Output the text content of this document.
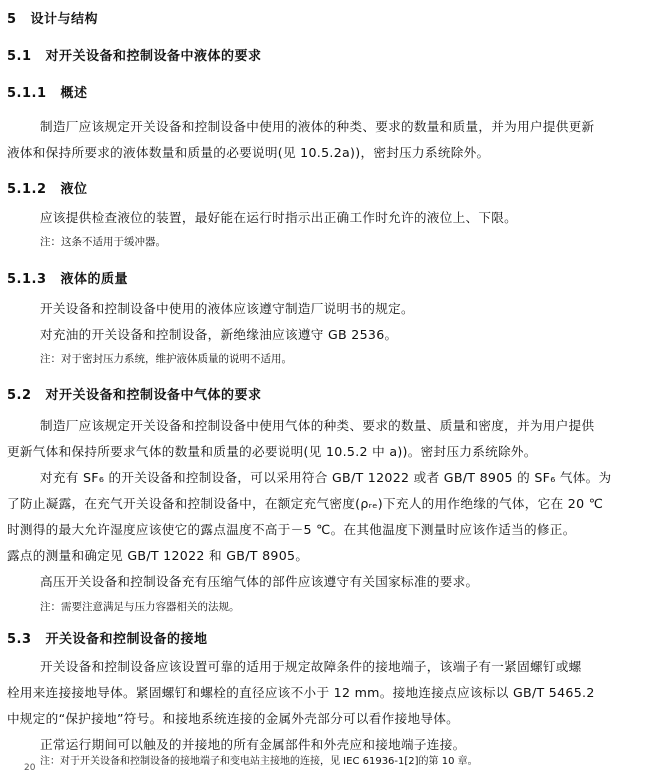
5 设计与结构
5.1 对开关设备和控制设备中液体的要求
5.1.1 概述
制造厂应该规定开关设备和控制设备中使用的液体的种类、要求的数量和质量，并为用户提供更新
液体和保持所要求的液体数量和质量的必要说明(见 10.5.2a))，密封压力系统除外。
5.1.2 液位
应该提供检查液位的装置，最好能在运行时指示出正确工作时允许的液位上、下限。
注：这条不适用于缓冲器。
5.1.3 液体的质量
开关设备和控制设备中使用的液体应该遵守制造厂说明书的规定。
对充油的开关设备和控制设备，新绝缘油应该遵守 GB 2536。
注：对于密封压力系统，维护液体质量的说明不适用。
5.2 对开关设备和控制设备中气体的要求
制造厂应该规定开关设备和控制设备中使用气体的种类、要求的数量、质量和密度，并为用户提供
更新气体和保持所要求气体的数量和质量的必要说明(见 10.5.2 中 a))。密封压力系统除外。
对充有 SF₆ 的开关设备和控制设备，可以采用符合 GB/T 12022 或者 GB/T 8905 的 SF₆ 气体。为
了防止凝露，在充气开关设备和控制设备中，在额定充气密度(ρᵣₑ)下充人的用作绝缘的气体，它在 20 ℃
时测得的最大允许湿度应该使它的露点温度不高于－5 ℃。在其他温度下测量时应该作适当的修正。
露点的测量和确定见 GB/T 12022 和 GB/T 8905。
高压开关设备和控制设备充有压缩气体的部件应该遵守有关国家标准的要求。
注：需要注意满足与压力容器相关的法规。
5.3 开关设备和控制设备的接地
开关设备和控制设备应该设置可靠的适用于规定故障条件的接地端子，该端子有一紧固螺钉或螺
栓用来连接接地导体。紧固螺钉和螺栓的直径应该不小于 12 mm。接地连接点应该标以 GB/T 5465.2
中规定的“保护接地”符号。和接地系统连接的金属外壳部分可以看作接地导体。
正常运行期间可以触及的并接地的所有金属部件和外壳应和接地端子连接。
注：对于开关设备和控制设备的接地端子和变电站主接地的连接，见 IEC 61936-1[2]的第 10 章。
20
